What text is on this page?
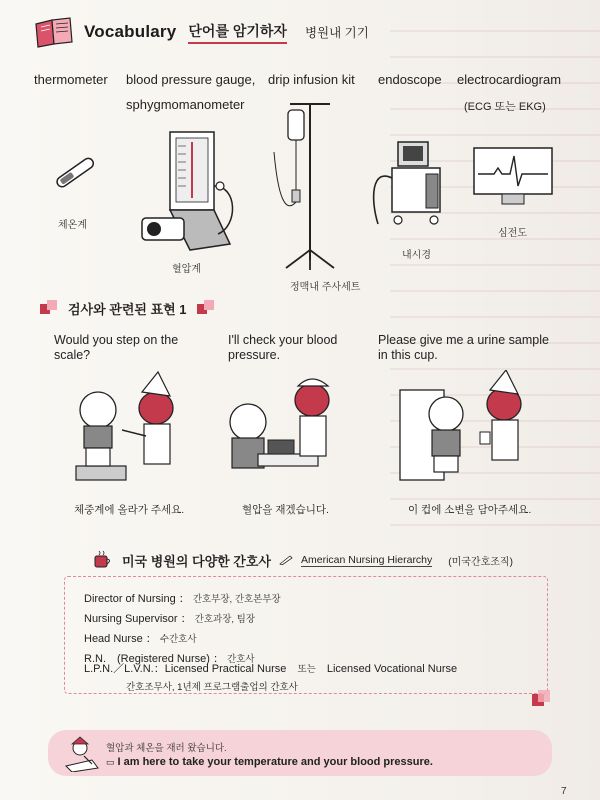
Vocabulary 단어를 암기하자 병원내 기기
thermometer blood pressure gauge,
sphygmomanometer
drip infusion kit endoscope electrocardiogram
(ECG 또는 EKG)
체온계
혈압계
정맥내 주사세트
내시경
심전도
검사와 관련된 표현 1
Would you step on the scale?
I'll check your blood pressure.
Please give me a urine sample in this cup.
체중계에 올라가 주세요.	혈압을 재겠습니다.	이 컵에 소변을 담아주세요.
미국 병원의 다양한 간호사	American Nursing Hierarchy (미국간호조직)
Director of Nursing ： 간호부장, 간호본부장
Nursing Supervisor ： 간호과장, 팀장
Head Nurse ： 수간호사
R.N.　(Registered Nurse) ： 간호사
L.P.N.／L.V.N.：Licensed Practical Nurse 또는 Licensed Vocational Nurse
간호조무사, 1년제 프로그램출업의 간호사
혈압과 체온을 재러 왔습니다.
▭ I am here to take your temperature and your blood pressure.
7
